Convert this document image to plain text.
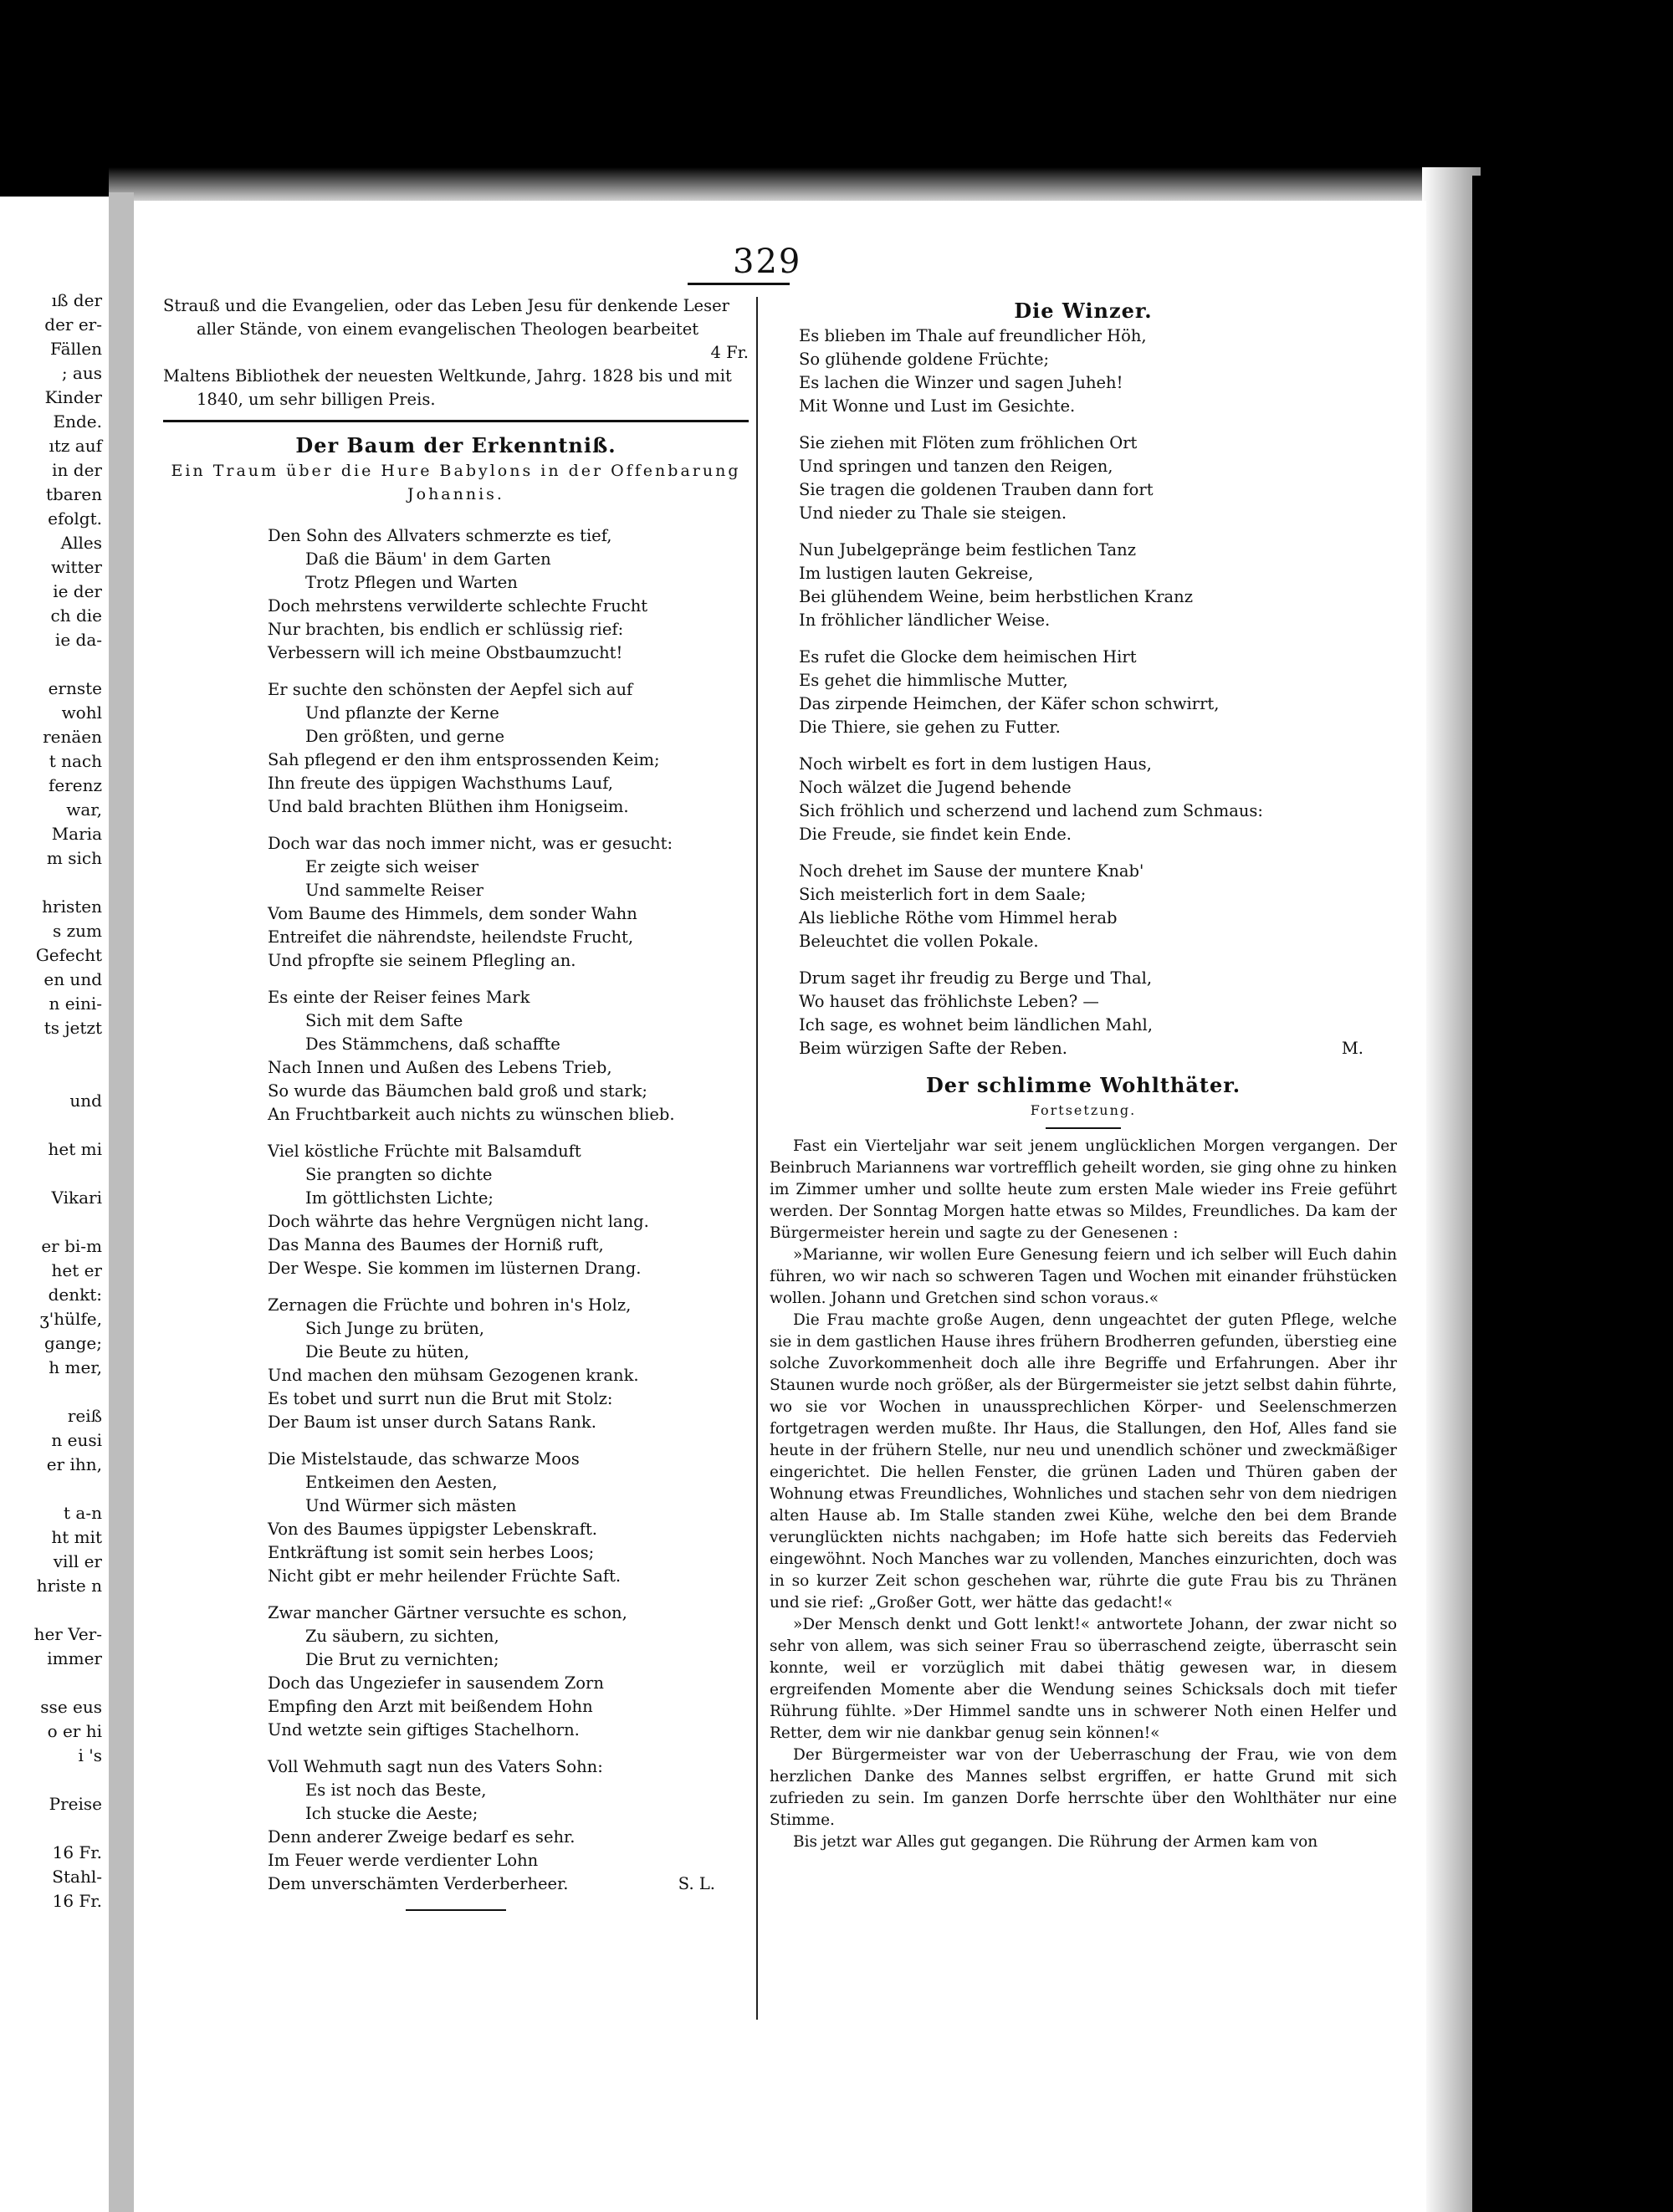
ıß der
der er-
Fällen
; aus
Kinder
Ende.
ıtz auf
in der
tbaren
efolgt.
Alles
witter
ie der
ch die
ie da-
ernste
wohl
renäen
t nach
ferenz
war,
Maria
m sich
hristen
s zum
Gefecht
en und
n eini-
ts jetzt
und
het mi
Vikari
er bi-m
het er
denkt:
ʒ'hülfe,
gange;
h mer,
reiß
n eusi
er ihn,
t a-n
ht mit
vill er
hriste n
her Ver-
immer
sse eus
o er hi
i 's
Preise
16 Fr.
Stahl-
16 Fr.
329
Strauß und die Evangelien, oder das Leben Jesu für denkende Leser aller Stände, von einem evangelischen Theologen bearbeitet
4 Fr.
Maltens Bibliothek der neuesten Weltkunde, Jahrg. 1828 bis und mit 1840, um sehr billigen Preis.
Der Baum der Erkenntniß.
Ein Traum über die Hure Babylons in der Offenbarung
Johannis.
Den Sohn des Allvaters schmerzte es tief,
Daß die Bäum' in dem Garten
Trotz Pflegen und Warten
Doch mehrstens verwilderte schlechte Frucht
Nur brachten, bis endlich er schlüssig rief:
Verbessern will ich meine Obstbaumzucht!
Er suchte den schönsten der Aepfel sich auf
Und pflanzte der Kerne
Den größten, und gerne
Sah pflegend er den ihm entsprossenden Keim;
Ihn freute des üppigen Wachsthums Lauf,
Und bald brachten Blüthen ihm Honigseim.
Doch war das noch immer nicht, was er gesucht:
Er zeigte sich weiser
Und sammelte Reiser
Vom Baume des Himmels, dem sonder Wahn
Entreifet die nährendste, heilendste Frucht,
Und pfropfte sie seinem Pflegling an.
Es einte der Reiser feines Mark
Sich mit dem Safte
Des Stämmchens, daß schaffte
Nach Innen und Außen des Lebens Trieb,
So wurde das Bäumchen bald groß und stark;
An Fruchtbarkeit auch nichts zu wünschen blieb.
Viel köstliche Früchte mit Balsamduft
Sie prangten so dichte
Im göttlichsten Lichte;
Doch währte das hehre Vergnügen nicht lang.
Das Manna des Baumes der Horniß ruft,
Der Wespe. Sie kommen im lüsternen Drang.
Zernagen die Früchte und bohren in's Holz,
Sich Junge zu brüten,
Die Beute zu hüten,
Und machen den mühsam Gezogenen krank.
Es tobet und surrt nun die Brut mit Stolz:
Der Baum ist unser durch Satans Rank.
Die Mistelstaude, das schwarze Moos
Entkeimen den Aesten,
Und Würmer sich mästen
Von des Baumes üppigster Lebenskraft.
Entkräftung ist somit sein herbes Loos;
Nicht gibt er mehr heilender Früchte Saft.
Zwar mancher Gärtner versuchte es schon,
Zu säubern, zu sichten,
Die Brut zu vernichten;
Doch das Ungeziefer in sausendem Zorn
Empfing den Arzt mit beißendem Hohn
Und wetzte sein giftiges Stachelhorn.
Voll Wehmuth sagt nun des Vaters Sohn:
Es ist noch das Beste,
Ich stucke die Aeste;
Denn anderer Zweige bedarf es sehr.
Im Feuer werde verdienter Lohn
Dem unverschämten Verderberheer.	S. L.
Die Winzer.
Es blieben im Thale auf freundlicher Höh,
So glühende goldene Früchte;
Es lachen die Winzer und sagen Juheh!
Mit Wonne und Lust im Gesichte.
Sie ziehen mit Flöten zum fröhlichen Ort
Und springen und tanzen den Reigen,
Sie tragen die goldenen Trauben dann fort
Und nieder zu Thale sie steigen.
Nun Jubelgepränge beim festlichen Tanz
Im lustigen lauten Gekreise,
Bei glühendem Weine, beim herbstlichen Kranz
In fröhlicher ländlicher Weise.
Es rufet die Glocke dem heimischen Hirt
Es gehet die himmlische Mutter,
Das zirpende Heimchen, der Käfer schon schwirrt,
Die Thiere, sie gehen zu Futter.
Noch wirbelt es fort in dem lustigen Haus,
Noch wälzet die Jugend behende
Sich fröhlich und scherzend und lachend zum Schmaus:
Die Freude, sie findet kein Ende.
Noch drehet im Sause der muntere Knab'
Sich meisterlich fort in dem Saale;
Als liebliche Röthe vom Himmel herab
Beleuchtet die vollen Pokale.
Drum saget ihr freudig zu Berge und Thal,
Wo hauset das fröhlichste Leben? —
Ich sage, es wohnet beim ländlichen Mahl,
Beim würzigen Safte der Reben.	M.
Der schlimme Wohlthäter.
Fortsetzung.

Fast ein Vierteljahr war seit jenem unglücklichen Morgen vergangen. Der Beinbruch Mariannens war vortrefflich geheilt worden, sie ging ohne zu hinken im Zimmer umher und sollte heute zum ersten Male wieder ins Freie geführt werden. Der Sonntag Morgen hatte etwas so Mildes, Freundliches. Da kam der Bürgermeister herein und sagte zu der Genesenen :

»Marianne, wir wollen Eure Genesung feiern und ich selber will Euch dahin führen, wo wir nach so schweren Tagen und Wochen mit einander frühstücken wollen. Johann und Gretchen sind schon voraus.«

Die Frau machte große Augen, denn ungeachtet der guten Pflege, welche sie in dem gastlichen Hause ihres frühern Brodherren gefunden, überstieg eine solche Zuvorkommenheit doch alle ihre Begriffe und Erfahrungen. Aber ihr Staunen wurde noch größer, als der Bürgermeister sie jetzt selbst dahin führte, wo sie vor Wochen in unaussprechlichen Körper- und Seelenschmerzen fortgetragen werden mußte. Ihr Haus, die Stallungen, den Hof, Alles fand sie heute in der frühern Stelle, nur neu und unendlich schöner und zweckmäßiger eingerichtet. Die hellen Fenster, die grünen Laden und Thüren gaben der Wohnung etwas Freundliches, Wohnliches und stachen sehr von dem niedrigen alten Hause ab. Im Stalle standen zwei Kühe, welche den bei dem Brande verunglückten nichts nachgaben; im Hofe hatte sich bereits das Federvieh eingewöhnt. Noch Manches war zu vollenden, Manches einzurichten, doch was in so kurzer Zeit schon geschehen war, rührte die gute Frau bis zu Thränen und sie rief: „Großer Gott, wer hätte das gedacht!«

»Der Mensch denkt und Gott lenkt!« antwortete Johann, der zwar nicht so sehr von allem, was sich seiner Frau so überraschend zeigte, überrascht sein konnte, weil er vorzüglich mit dabei thätig gewesen war, in diesem ergreifenden Momente aber die Wendung seines Schicksals doch mit tiefer Rührung fühlte. »Der Himmel sandte uns in schwerer Noth einen Helfer und Retter, dem wir nie dankbar genug sein können!«

Der Bürgermeister war von der Ueberraschung der Frau, wie von dem herzlichen Danke des Mannes selbst ergriffen, er hatte Grund mit sich zufrieden zu sein. Im ganzen Dorfe herrschte über den Wohlthäter nur eine Stimme.

Bis jetzt war Alles gut gegangen. Die Rührung der Armen kam von
